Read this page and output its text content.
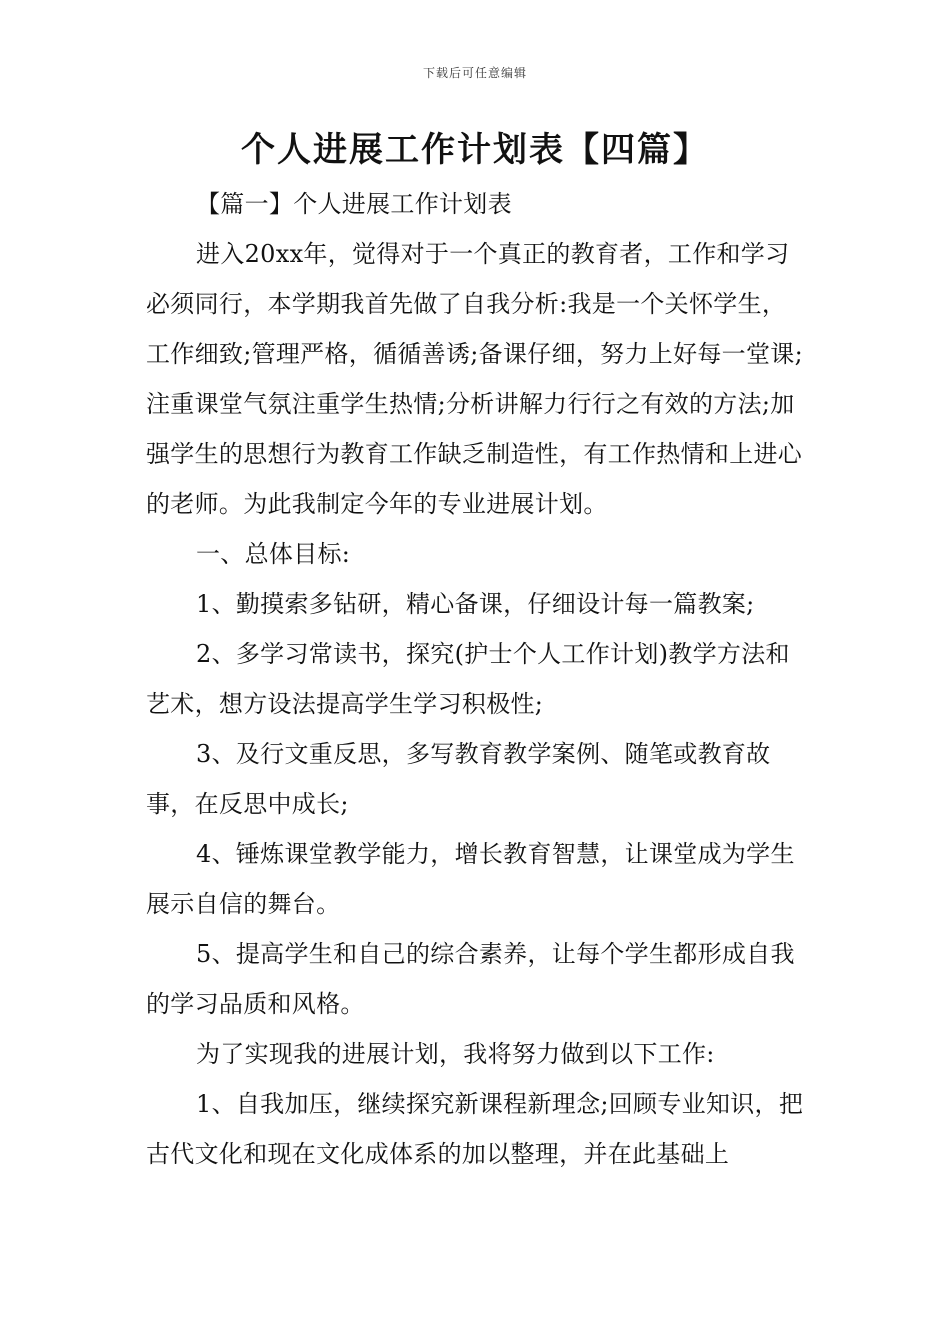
下载后可任意编辑
个人进展工作计划表【四篇】

【篇一】个人进展工作计划表

进入20xx年，觉得对于一个真正的教育者，工作和学习必须同行，本学期我首先做了自我分析:我是一个关怀学生，工作细致;管理严格，循循善诱;备课仔细，努力上好每一堂课;注重课堂气氛注重学生热情;分析讲解力行行之有效的方法;加强学生的思想行为教育工作缺乏制造性，有工作热情和上进心的老师。为此我制定今年的专业进展计划。

一、总体目标:

1、勤摸索多钻研，精心备课，仔细设计每一篇教案;

2、多学习常读书，探究(护士个人工作计划)教学方法和艺术，想方设法提高学生学习积极性;

3、及行文重反思，多写教育教学案例、随笔或教育故事，在反思中成长;

4、锤炼课堂教学能力，增长教育智慧，让课堂成为学生展示自信的舞台。

5、提高学生和自己的综合素养，让每个学生都形成自我的学习品质和风格。

为了实现我的进展计划，我将努力做到以下工作:

1、自我加压，继续探究新课程新理念;回顾专业知识，把古代文化和现在文化成体系的加以整理，并在此基础上
